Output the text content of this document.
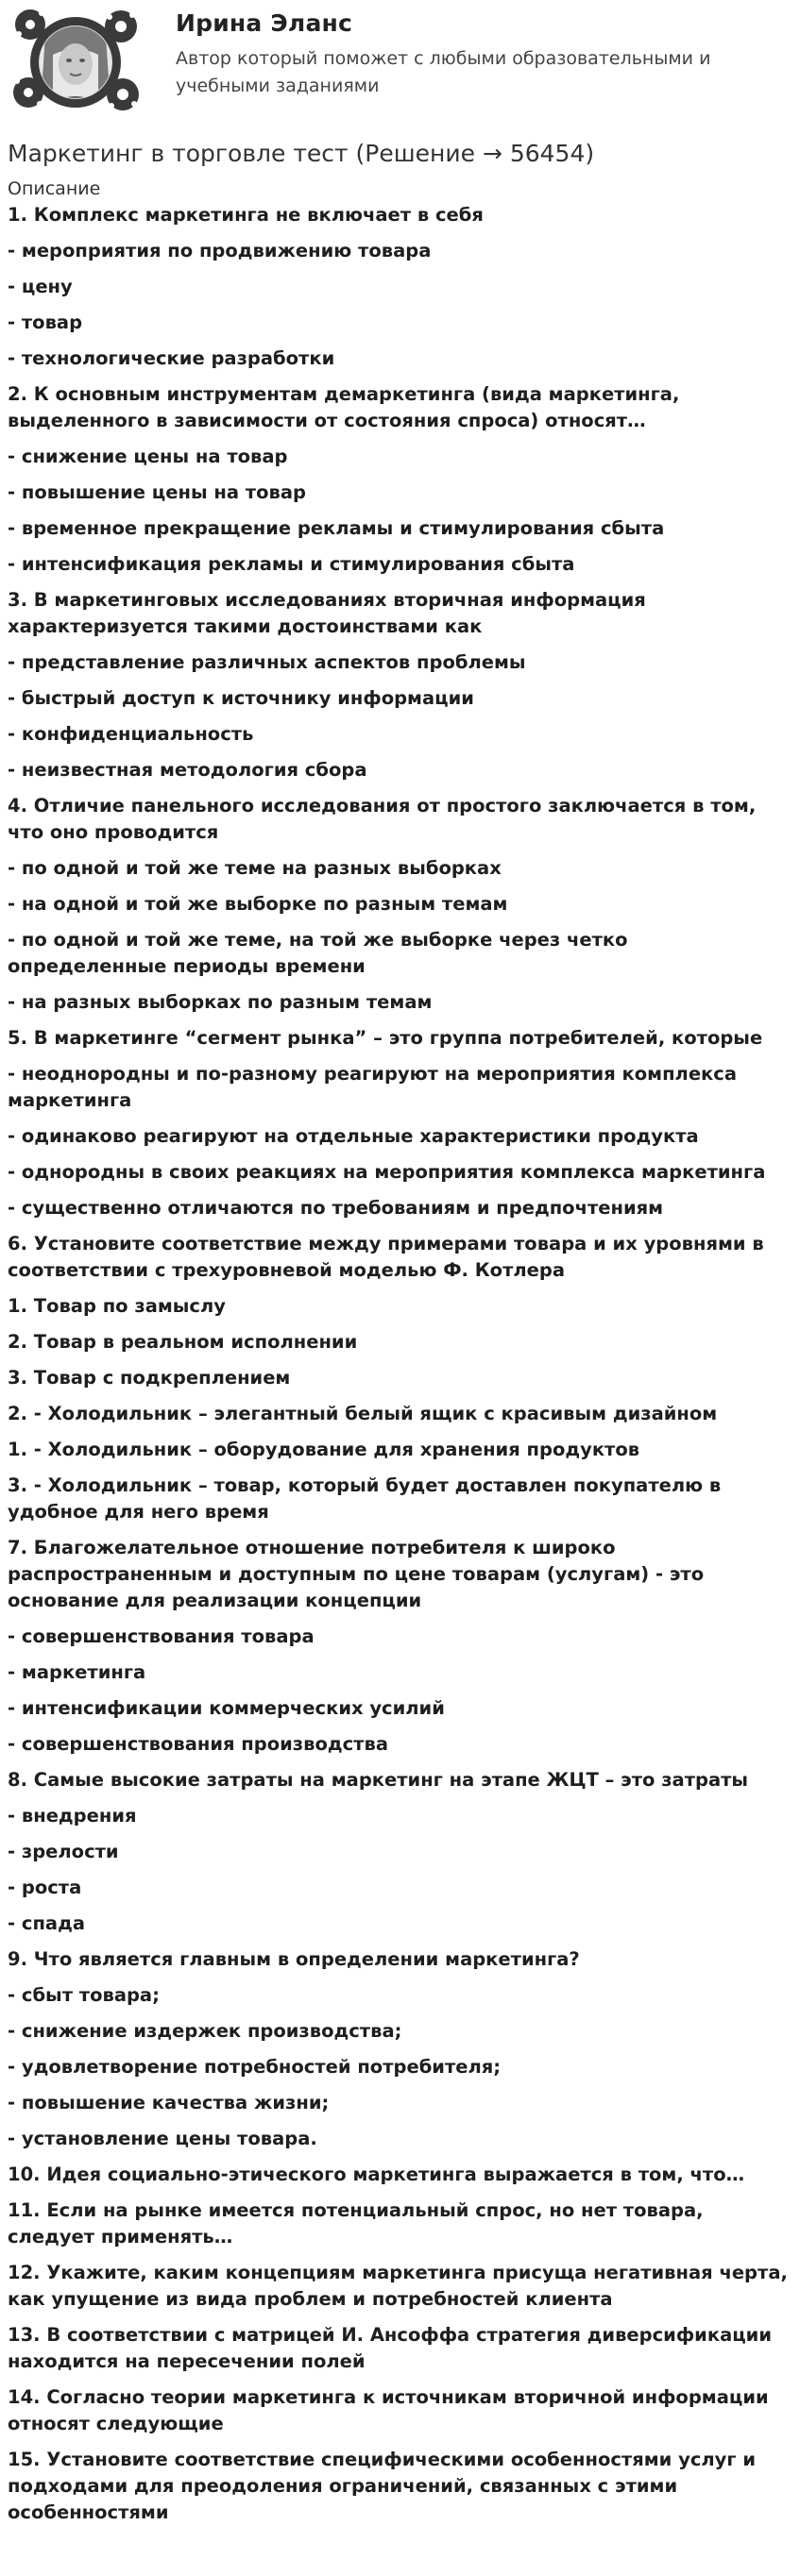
Ирина Эланс
Автор который поможет с любыми образовательными и учебными заданиями
Маркетинг в торговле тест (Решение → 56454)
Описание
1. Комплекс маркетинга не включает в себя
- мероприятия по продвижению товара
- цену
- товар
- технологические разработки
2. К основным инструментам демаркетинга (вида маркетинга, выделенного в зависимости от состояния спроса) относят…
- снижение цены на товар
- повышение цены на товар
- временное прекращение рекламы и стимулирования сбыта
- интенсификация рекламы и стимулирования сбыта
3. В маркетинговых исследованиях вторичная информация характеризуется такими достоинствами как
- представление различных аспектов проблемы
- быстрый доступ к источнику информации
- конфиденциальность
- неизвестная методология сбора
4. Отличие панельного исследования от простого заключается в том, что оно проводится
- по одной и той же теме на разных выборках
- на одной и той же выборке по разным темам
- по одной и той же теме, на той же выборке через четко определенные периоды времени
- на разных выборках по разным темам
5. В маркетинге “сегмент рынка” – это группа потребителей, которые
- неоднородны и по-разному реагируют на мероприятия комплекса маркетинга
- одинаково реагируют на отдельные характеристики продукта
- однородны в своих реакциях на мероприятия комплекса маркетинга
- существенно отличаются по требованиям и предпочтениям
6. Установите соответствие между примерами товара и их уровнями в соответствии с трехуровневой моделью Ф. Котлера
1. Товар по замыслу
2. Товар в реальном исполнении
3. Товар с подкреплением
2. - Холодильник – элегантный белый ящик с красивым дизайном
1. - Холодильник – оборудование для хранения продуктов
3. - Холодильник – товар, который будет доставлен покупателю в удобное для него время
7. Благожелательное отношение потребителя к широко распространенным и доступным по цене товарам (услугам) - это основание для реализации концепции
- совершенствования товара
- маркетинга
- интенсификации коммерческих усилий
- совершенствования производства
8. Самые высокие затраты на маркетинг на этапе ЖЦТ – это затраты
- внедрения
- зрелости
- роста
- спада
9. Что является главным в определении маркетинга?
- сбыт товара;
- снижение издержек производства;
- удовлетворение потребностей потребителя;
- повышение качества жизни;
- установление цены товара.
10. Идея социально-этического маркетинга выражается в том, что…
11. Если на рынке имеется потенциальный спрос, но нет товара, следует применять…
12. Укажите, каким концепциям маркетинга присуща негативная черта, как упущение из вида проблем и потребностей клиента
13. В соответствии с матрицей И. Ансоффа стратегия диверсификации находится на пересечении полей
14. Согласно теории маркетинга к источникам вторичной информации относят следующие
15. Установите соответствие специфическими особенностями услуг и подходами для преодоления ограничений, связанных с этими особенностями
